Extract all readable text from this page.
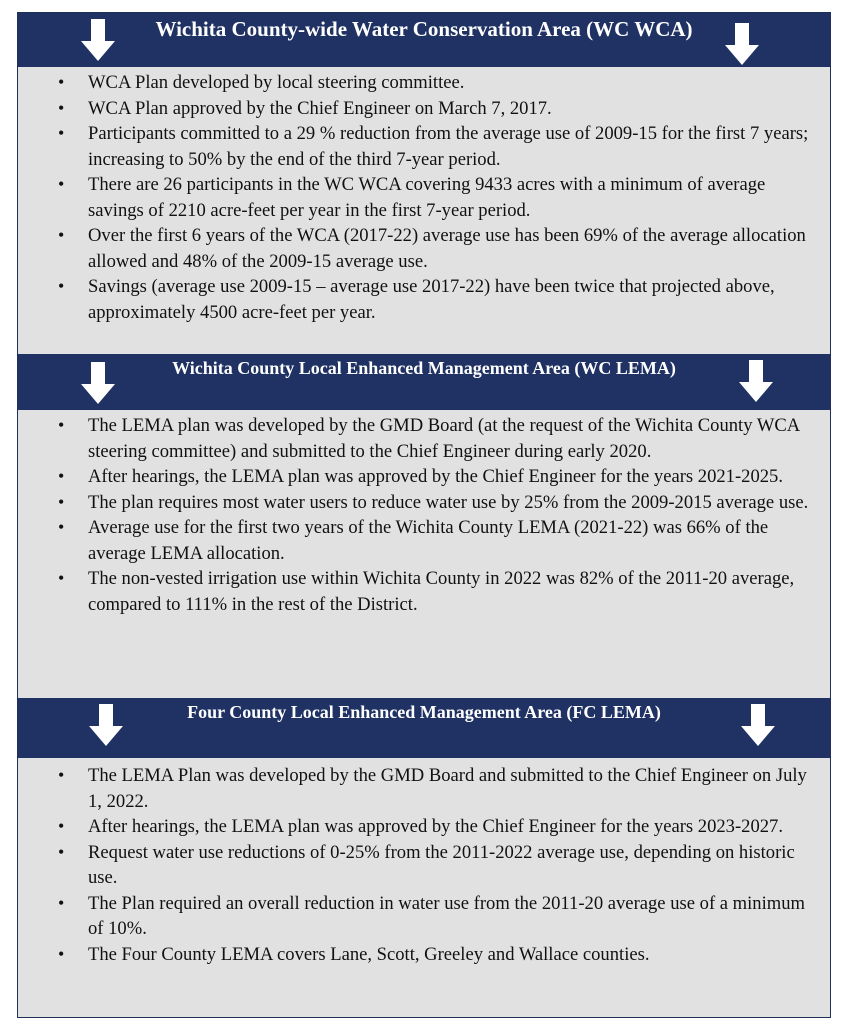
Wichita County-wide Water Conservation Area (WC WCA)
• WCA Plan developed by local steering committee.
• WCA Plan approved by the Chief Engineer on March 7, 2017.
• Participants committed to a 29 % reduction from the average use of 2009-15 for the first 7 years; increasing to 50% by the end of the third 7-year period.
• There are 26 participants in the WC WCA covering 9433 acres with a minimum of average savings of 2210 acre-feet per year in the first 7-year period.
• Over the first 6 years of the WCA (2017-22) average use has been 69% of the average allocation allowed and 48% of the 2009-15 average use.
• Savings (average use 2009-15 – average use 2017-22) have been twice that projected above, approximately 4500 acre-feet per year.
Wichita County Local Enhanced Management Area (WC LEMA)
• The LEMA plan was developed by the GMD Board (at the request of the Wichita County WCA steering committee) and submitted to the Chief Engineer during early 2020.
• After hearings, the LEMA plan was approved by the Chief Engineer for the years 2021-2025.
• The plan requires most water users to reduce water use by 25% from the 2009-2015 average use.
• Average use for the first two years of the Wichita County LEMA (2021-22) was 66% of the average LEMA allocation.
• The non-vested irrigation use within Wichita County in 2022 was 82% of the 2011-20 average, compared to 111% in the rest of the District.
Four County Local Enhanced Management Area (FC LEMA)
• The LEMA Plan was developed by the GMD Board and submitted to the Chief Engineer on July 1, 2022.
• After hearings, the LEMA plan was approved by the Chief Engineer for the years 2023-2027.
• Request water use reductions of 0-25% from the 2011-2022 average use, depending on historic use.
• The Plan required an overall reduction in water use from the 2011-20 average use of a minimum of 10%.
• The Four County LEMA covers Lane, Scott, Greeley and Wallace counties.
